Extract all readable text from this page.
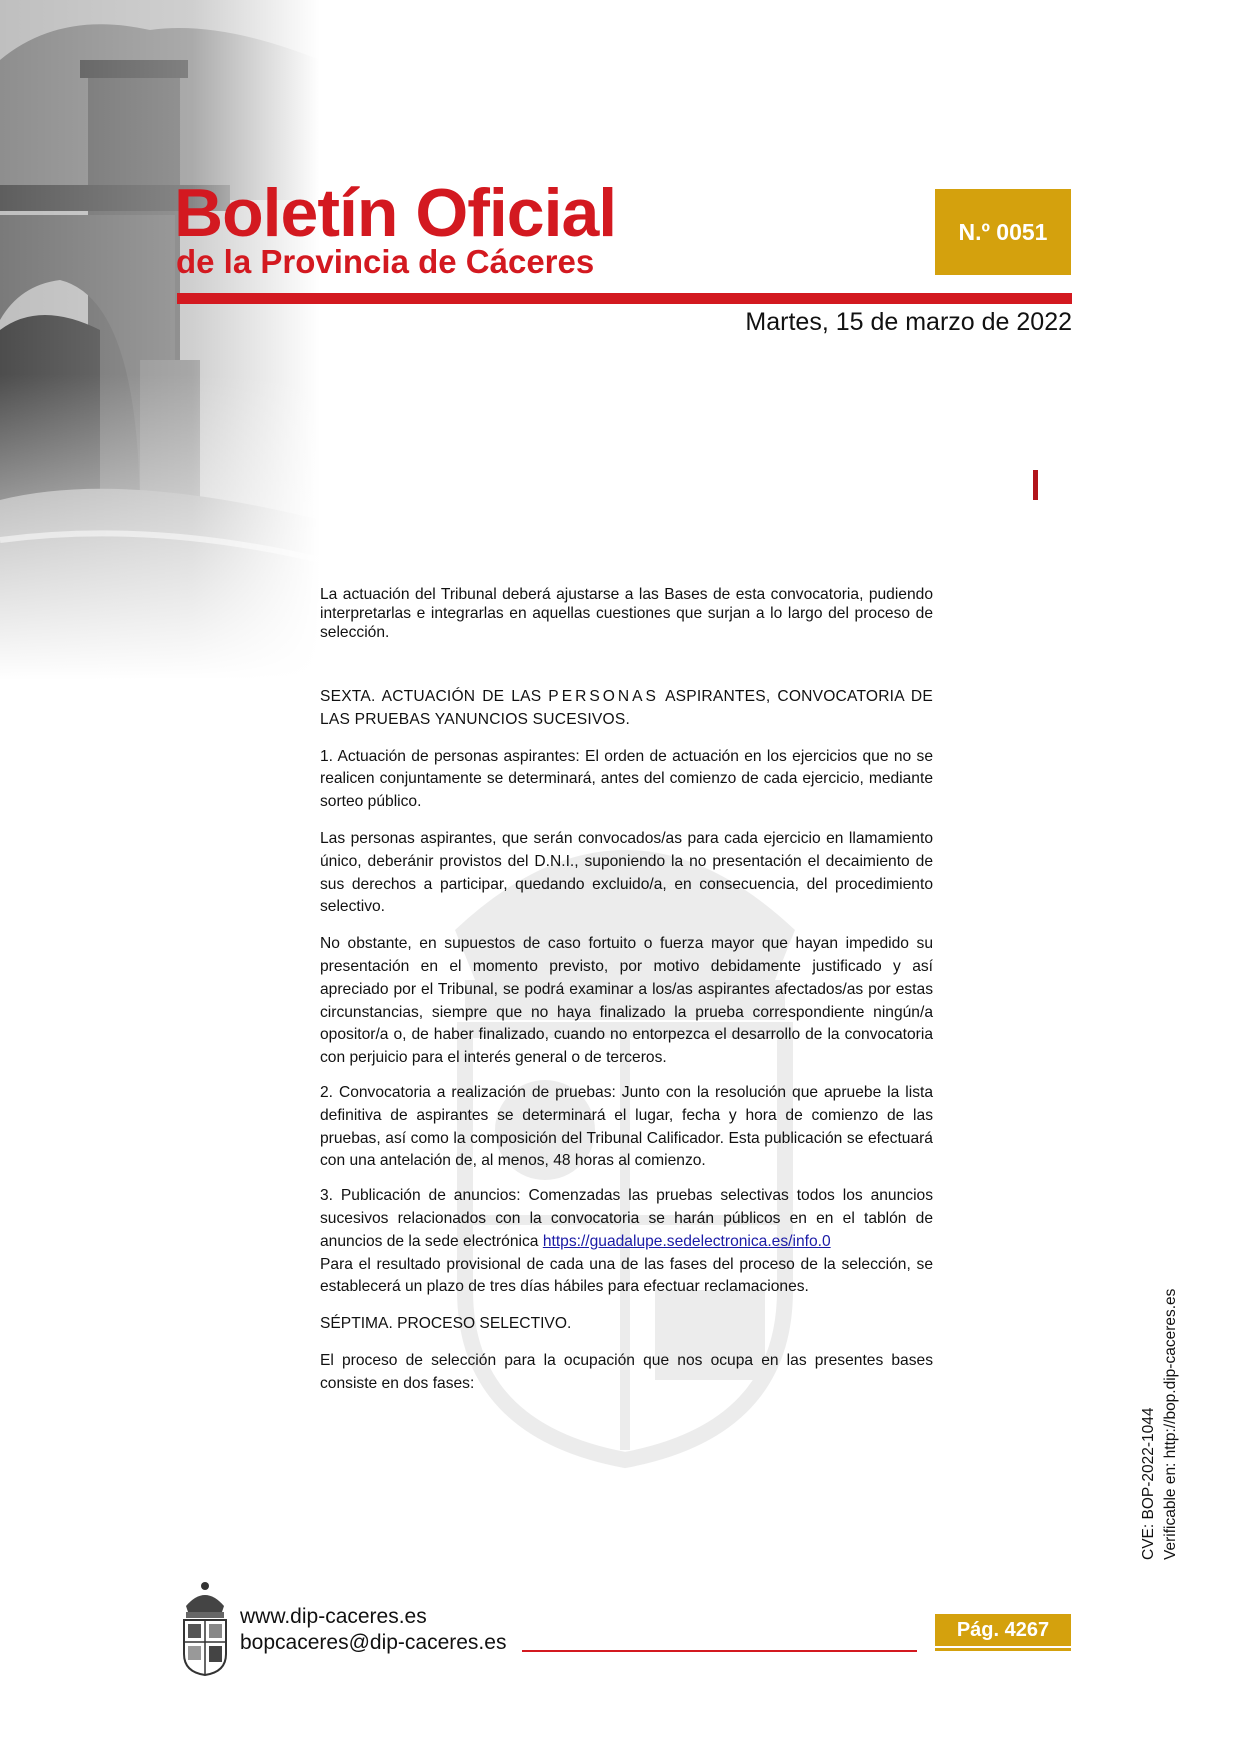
Boletín Oficial
de la Provincia de Cáceres
N.º 0051
Martes, 15 de marzo de 2022

La actuación del Tribunal deberá ajustarse a las Bases de esta convocatoria, pudiendo interpretarlas e integrarlas en aquellas cuestiones que surjan a lo largo del proceso de selección.

SEXTA. ACTUACIÓN DE LAS PERSONAS ASPIRANTES, CONVOCATORIA DE LAS PRUEBAS YANUNCIOS SUCESIVOS.

1. Actuación de personas aspirantes: El orden de actuación en los ejercicios que no se realicen conjuntamente se determinará, antes del comienzo de cada ejercicio, mediante sorteo público.

Las personas aspirantes, que serán convocados/as para cada ejercicio en llamamiento único, deberánir provistos del D.N.I., suponiendo la no presentación el decaimiento de sus derechos a participar, quedando excluido/a, en consecuencia, del procedimiento selectivo.

No obstante, en supuestos de caso fortuito o fuerza mayor que hayan impedido su presentación en el momento previsto, por motivo debidamente justificado y así apreciado por el Tribunal, se podrá examinar a los/as aspirantes afectados/as por estas circunstancias, siempre que no haya finalizado la prueba correspondiente ningún/a opositor/a o, de haber finalizado, cuando no entorpezca el desarrollo de la convocatoria con perjuicio para el interés general o de terceros.

2. Convocatoria a realización de pruebas: Junto con la resolución que apruebe la lista definitiva de aspirantes se determinará el lugar, fecha y hora de comienzo de las pruebas, así como la composición del Tribunal Calificador. Esta publicación se efectuará con una antelación de, al menos, 48 horas al comienzo.

3. Publicación de anuncios: Comenzadas las pruebas selectivas todos los anuncios sucesivos relacionados con la convocatoria se harán públicos en en el tablón de anuncios de la sede electrónica https://guadalupe.sedelectronica.es/info.0

Para el resultado provisional de cada una de las fases del proceso de la selección, se establecerá un plazo de tres días hábiles para efectuar reclamaciones.

SÉPTIMA. PROCESO SELECTIVO.

El proceso de selección para la ocupación que nos ocupa en las presentes bases consiste en dos fases:

CVE: BOP-2022-1044 Verificable en: http://bop.dip-caceres.es
www.dip-caceres.es
bopcaceres@dip-caceres.es
Pág. 4267
